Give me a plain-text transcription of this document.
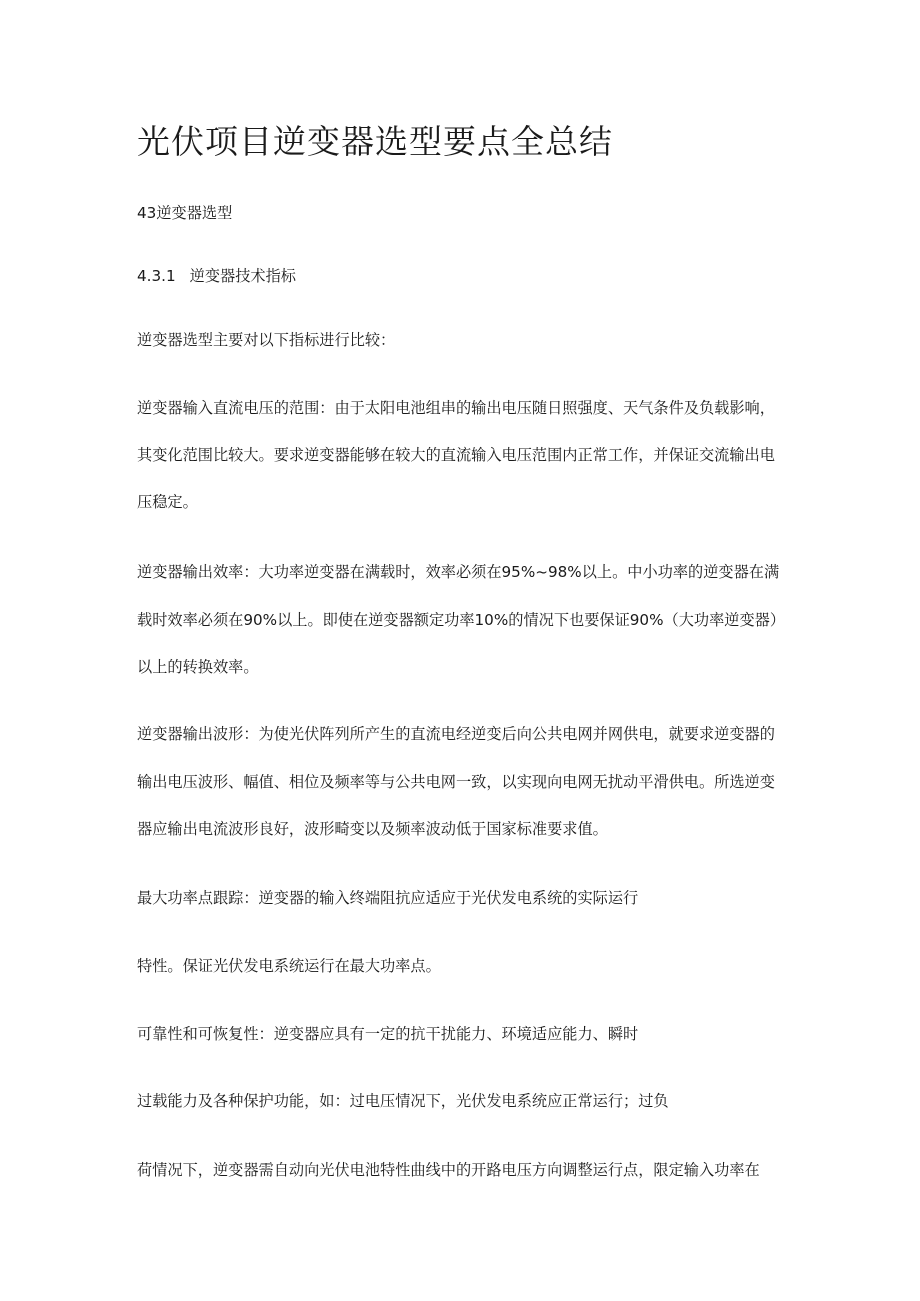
光伏项目逆变器选型要点全总结

43逆变器选型

4.3.1 逆变器技术指标

逆变器选型主要对以下指标进行比较：

逆变器输入直流电压的范围：由于太阳电池组串的输出电压随日照强度、天气条件及负载影响，

其变化范围比较大。要求逆变器能够在较大的直流输入电压范围内正常工作，并保证交流输出电

压稳定。

逆变器输出效率：大功率逆变器在满载时，效率必须在95%~98%以上。中小功率的逆变器在满

载时效率必须在90%以上。即使在逆变器额定功率10%的情况下也要保证90%（大功率逆变器）

以上的转换效率。

逆变器输出波形：为使光伏阵列所产生的直流电经逆变后向公共电网并网供电，就要求逆变器的

输出电压波形、幅值、相位及频率等与公共电网一致，以实现向电网无扰动平滑供电。所选逆变

器应输出电流波形良好，波形畸变以及频率波动低于国家标准要求值。

最大功率点跟踪：逆变器的输入终端阻抗应适应于光伏发电系统的实际运行

特性。保证光伏发电系统运行在最大功率点。

可靠性和可恢复性：逆变器应具有一定的抗干扰能力、环境适应能力、瞬时

过载能力及各种保护功能，如：过电压情况下，光伏发电系统应正常运行；过负

荷情况下，逆变器需自动向光伏电池特性曲线中的开路电压方向调整运行点，限定输入功率在
